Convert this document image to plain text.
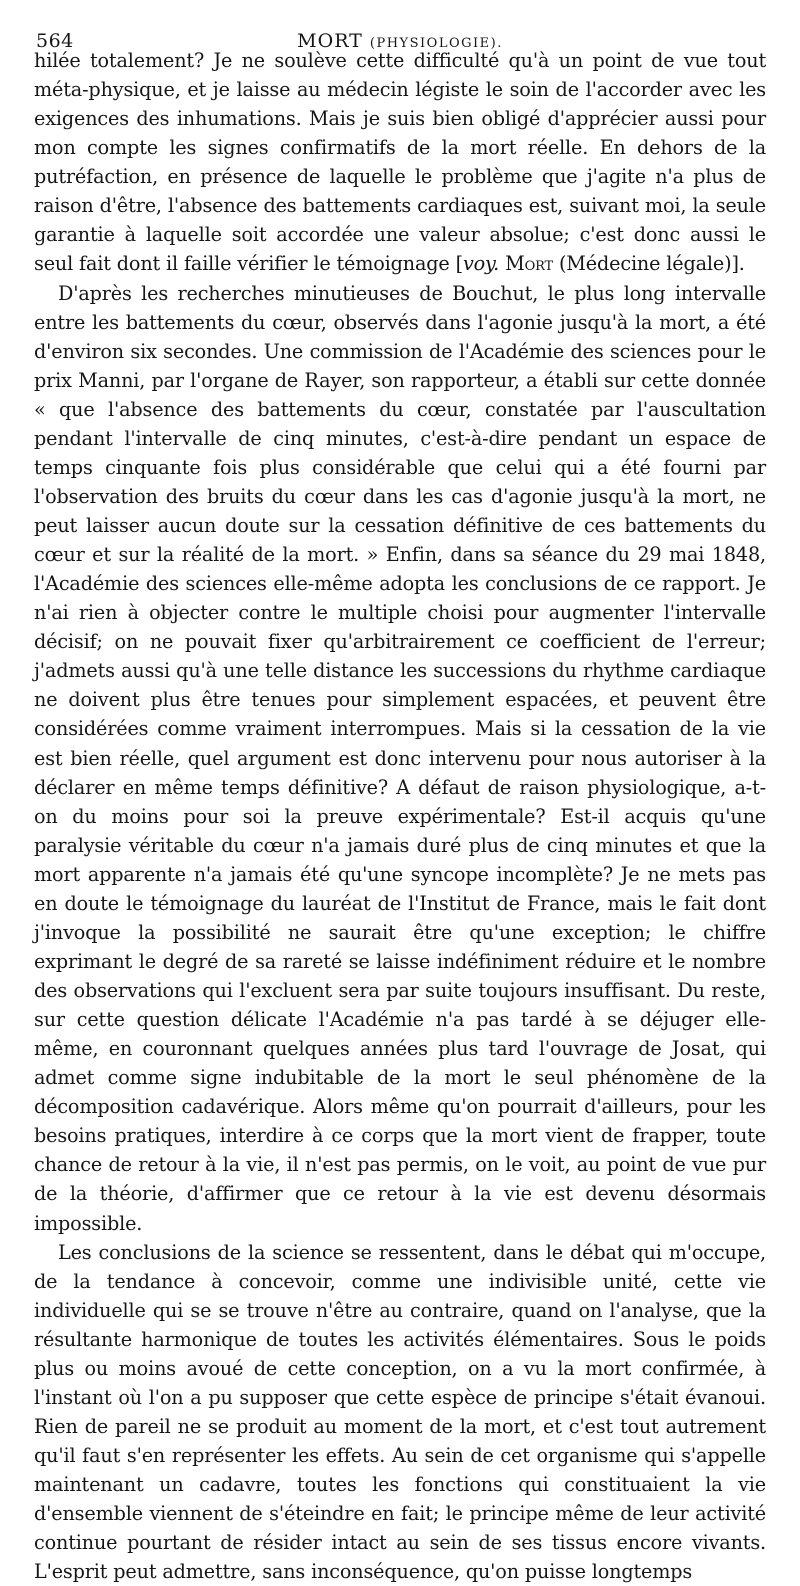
564	MORT (PHYSIOLOGIE).

hilée totalement? Je ne soulève cette difficulté qu'à un point de vue tout méta-physique, et je laisse au médecin légiste le soin de l'accorder avec les exigences des inhumations. Mais je suis bien obligé d'apprécier aussi pour mon compte les signes confirmatifs de la mort réelle. En dehors de la putréfaction, en présence de laquelle le problème que j'agite n'a plus de raison d'être, l'absence des battements cardiaques est, suivant moi, la seule garantie à laquelle soit accordée une valeur absolue; c'est donc aussi le seul fait dont il faille vérifier le témoignage [voy. Mort (Médecine légale)].

D'après les recherches minutieuses de Bouchut, le plus long intervalle entre les battements du cœur, observés dans l'agonie jusqu'à la mort, a été d'environ six secondes. Une commission de l'Académie des sciences pour le prix Manni, par l'organe de Rayer, son rapporteur, a établi sur cette donnée « que l'absence des battements du cœur, constatée par l'auscultation pendant l'intervalle de cinq minutes, c'est-à-dire pendant un espace de temps cinquante fois plus considérable que celui qui a été fourni par l'observation des bruits du cœur dans les cas d'agonie jusqu'à la mort, ne peut laisser aucun doute sur la cessation définitive de ces battements du cœur et sur la réalité de la mort. » Enfin, dans sa séance du 29 mai 1848, l'Académie des sciences elle-même adopta les conclusions de ce rapport. Je n'ai rien à objecter contre le multiple choisi pour augmenter l'intervalle décisif; on ne pouvait fixer qu'arbitrairement ce coefficient de l'erreur; j'admets aussi qu'à une telle distance les successions du rhythme cardiaque ne doivent plus être tenues pour simplement espacées, et peuvent être considérées comme vraiment interrompues. Mais si la cessation de la vie est bien réelle, quel argument est donc intervenu pour nous autoriser à la déclarer en même temps définitive? A défaut de raison physiologique, a-t-on du moins pour soi la preuve expérimentale? Est-il acquis qu'une paralysie véritable du cœur n'a jamais duré plus de cinq minutes et que la mort apparente n'a jamais été qu'une syncope incomplète? Je ne mets pas en doute le témoignage du lauréat de l'Institut de France, mais le fait dont j'invoque la possibilité ne saurait être qu'une exception; le chiffre exprimant le degré de sa rareté se laisse indéfiniment réduire et le nombre des observations qui l'excluent sera par suite toujours insuffisant. Du reste, sur cette question délicate l'Académie n'a pas tardé à se déjuger elle-même, en couronnant quelques années plus tard l'ouvrage de Josat, qui admet comme signe indubitable de la mort le seul phénomène de la décomposition cadavérique. Alors même qu'on pourrait d'ailleurs, pour les besoins pratiques, interdire à ce corps que la mort vient de frapper, toute chance de retour à la vie, il n'est pas permis, on le voit, au point de vue pur de la théorie, d'affirmer que ce retour à la vie est devenu désormais impossible.

Les conclusions de la science se ressentent, dans le débat qui m'occupe, de la tendance à concevoir, comme une indivisible unité, cette vie individuelle qui se se trouve n'être au contraire, quand on l'analyse, que la résultante harmonique de toutes les activités élémentaires. Sous le poids plus ou moins avoué de cette conception, on a vu la mort confirmée, à l'instant où l'on a pu supposer que cette espèce de principe s'était évanoui. Rien de pareil ne se produit au moment de la mort, et c'est tout autrement qu'il faut s'en représenter les effets. Au sein de cet organisme qui s'appelle maintenant un cadavre, toutes les fonctions qui constituaient la vie d'ensemble viennent de s'éteindre en fait; le principe même de leur activité continue pourtant de résider intact au sein de ses tissus encore vivants. L'esprit peut admettre, sans inconséquence, qu'on puisse longtemps
